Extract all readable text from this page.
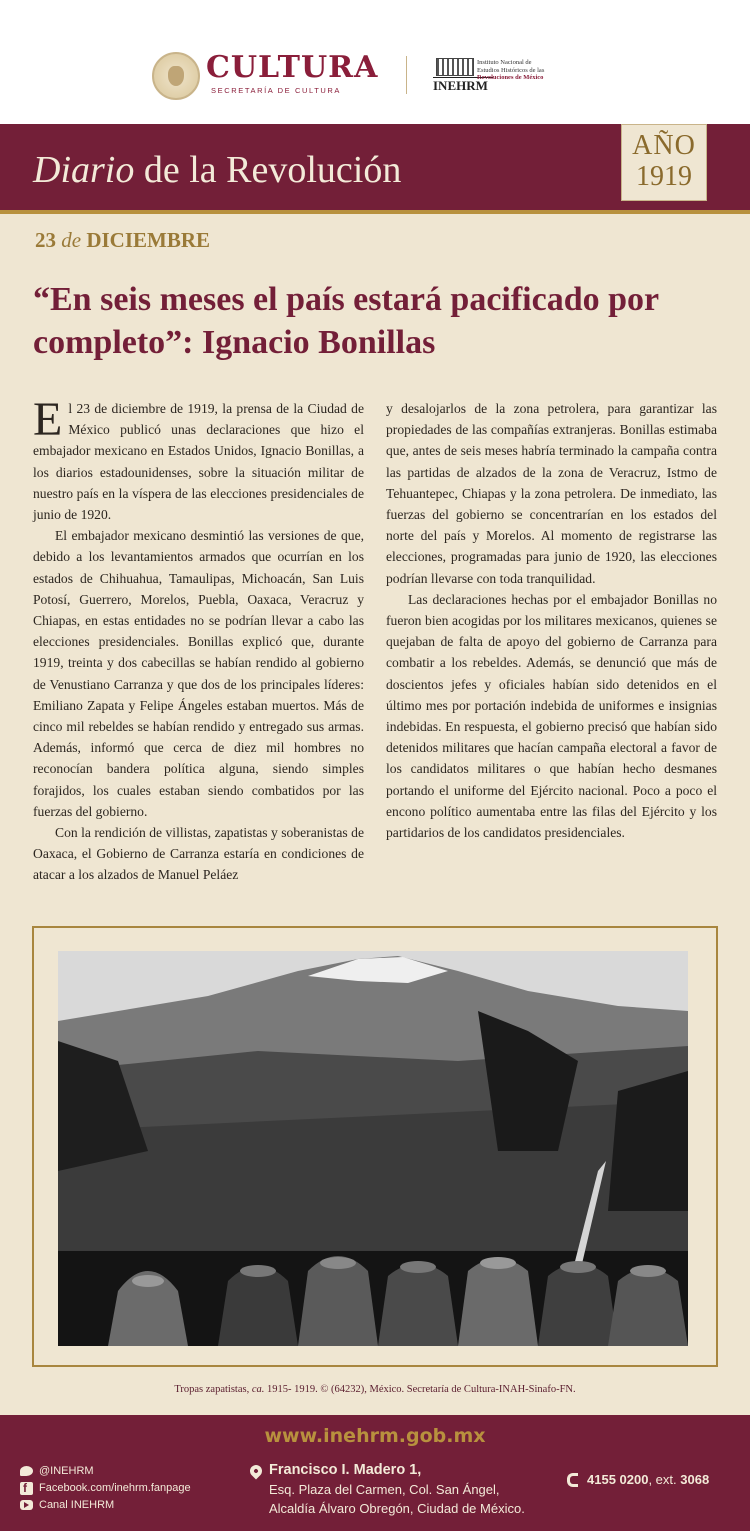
CULTURA
SECRETARÍA DE CULTURA	INEHRM
Instituto Nacional de
Estudios Históricos de las
Revoluciones de México
Diario de la Revolución
AÑO
1919
23 de DICIEMBRE
“En seis meses el país estará pacificado por completo”: Ignacio Bonillas

El 23 de diciembre de 1919, la prensa de la Ciudad de México publicó unas declaraciones que hizo el embajador mexicano en Estados Unidos, Ignacio Bonillas, a los diarios estadounidenses, sobre la situación militar de nuestro país en la víspera de las elecciones presidenciales de junio de 1920.

El embajador mexicano desmintió las versiones de que, debido a los levantamientos armados que ocurrían en los estados de Chihuahua, Tamaulipas, Michoacán, San Luis Potosí, Guerrero, Morelos, Puebla, Oaxaca, Veracruz y Chiapas, en estas entidades no se podrían llevar a cabo las elecciones presidenciales. Bonillas explicó que, durante 1919, treinta y dos cabecillas se habían rendido al gobierno de Venustiano Carranza y que dos de los principales líderes: Emiliano Zapata y Felipe Ángeles estaban muertos. Más de cinco mil rebeldes se habían rendido y entregado sus armas. Además, informó que cerca de diez mil hombres no reconocían bandera política alguna, siendo simples forajidos, los cuales estaban siendo combatidos por las fuerzas del gobierno.

Con la rendición de villistas, zapatistas y soberanistas de Oaxaca, el Gobierno de Carranza estaría en condiciones de atacar a los alzados de Manuel Peláez

y desalojarlos de la zona petrolera, para garantizar las propiedades de las compañías extranjeras. Bonillas estimaba que, antes de seis meses habría terminado la campaña contra las partidas de alzados de la zona de Veracruz, Istmo de Tehuantepec, Chiapas y la zona petrolera. De inmediato, las fuerzas del gobierno se concentrarían en los estados del norte del país y Morelos. Al momento de registrarse las elecciones, programadas para junio de 1920, las elecciones podrían llevarse con toda tranquilidad.

Las declaraciones hechas por el embajador Bonillas no fueron bien acogidas por los militares mexicanos, quienes se quejaban de falta de apoyo del gobierno de Carranza para combatir a los rebeldes. Además, se denunció que más de doscientos jefes y oficiales habían sido detenidos en el último mes por portación indebida de uniformes e insignias indebidas. En respuesta, el gobierno precisó que habían sido detenidos militares que hacían campaña electoral a favor de los candidatos militares o que habían hecho desmanes portando el uniforme del Ejército nacional. Poco a poco el encono político aumentaba entre las filas del Ejército y los partidarios de los candidatos presidenciales.

Tropas zapatistas, ca. 1915- 1919. © (64232), México. Secretaría de Cultura-INAH-Sinafo-FN.
www.inehrm.gob.mx
@INEHRM
f
Facebook.com/inehrm.fanpage
Canal INEHRM
Francisco I. Madero 1,
Esq. Plaza del Carmen, Col. San Ángel,
Alcaldía Álvaro Obregón, Ciudad de México.
4155 0200, ext. 3068
